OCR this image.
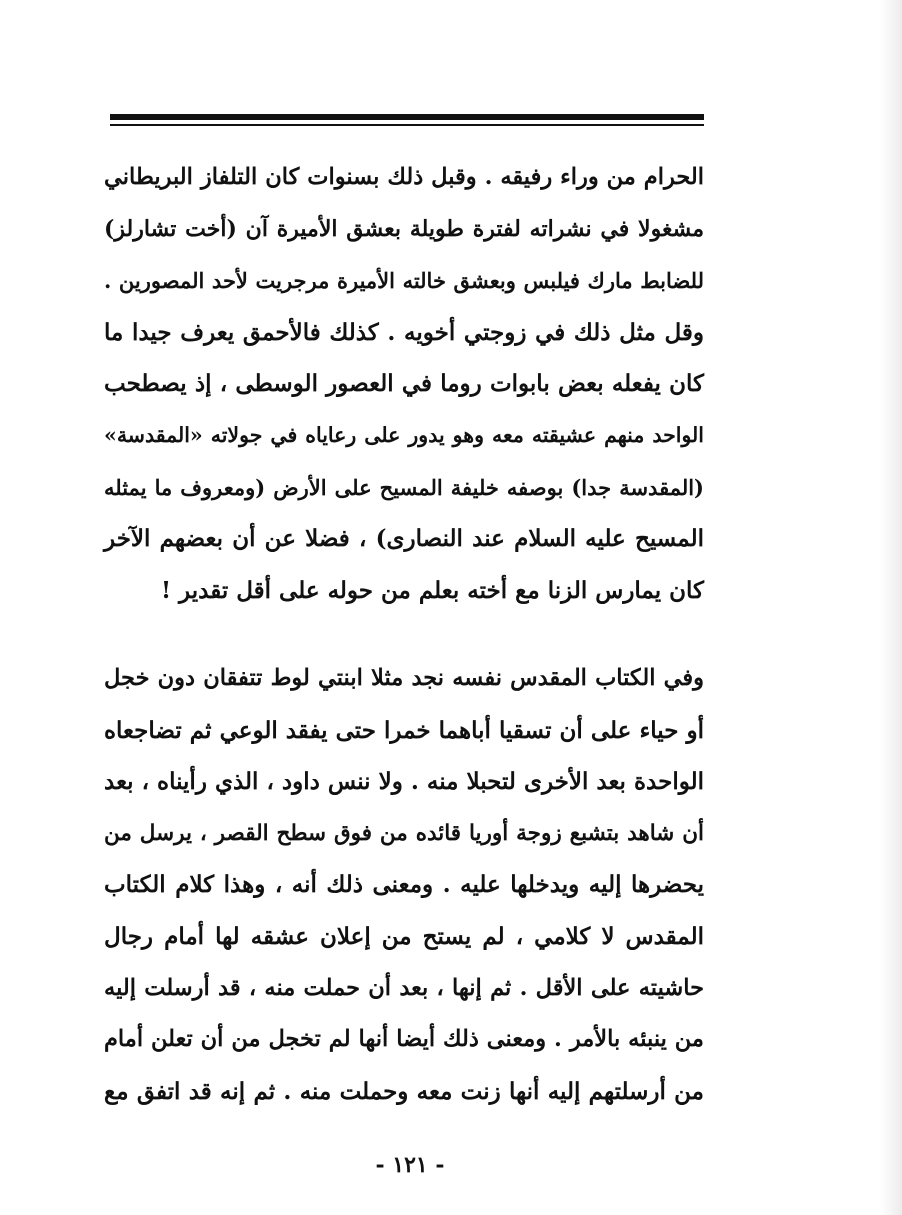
الحرام من وراء رفيقه . وقبل ذلك بسنوات كان التلفاز البريطاني
مشغولا في نشراته لفترة طويلة بعشق الأميرة آن (أخت تشارلز)
للضابط مارك فيلبس وبعشق خالته الأميرة مرجريت لأحد المصورين .
وقل مثل ذلك في زوجتي أخويه . كذلك فالأحمق يعرف جيدا ما
كان يفعله بعض بابوات روما في العصور الوسطى ، إذ يصطحب
الواحد منهم عشيقته معه وهو يدور على رعاياه في جولاته «المقدسة»
(المقدسة جدا) بوصفه خليفة المسيح على الأرض (ومعروف ما يمثله
المسيح عليه السلام عند النصارى) ، فضلا عن أن بعضهم الآخر
كان يمارس الزنا مع أخته بعلم من حوله على أقل تقدير !
وفي الكتاب المقدس نفسه نجد مثلا ابنتي لوط تتفقان دون خجل
أو حياء على أن تسقيا أباهما خمرا حتى يفقد الوعي ثم تضاجعاه
الواحدة بعد الأخرى لتحبلا منه . ولا ننس داود ، الذي رأيناه ، بعد
أن شاهد بتشبع زوجة أوريا قائده من فوق سطح القصر ، يرسل من
يحضرها إليه ويدخلها عليه . ومعنى ذلك أنه ، وهذا كلام الكتاب
المقدس لا كلامي ، لم يستح من إعلان عشقه لها أمام رجال
حاشيته على الأقل . ثم إنها ، بعد أن حملت منه ، قد أرسلت إليه
من ينبئه بالأمر . ومعنى ذلك أيضا أنها لم تخجل من أن تعلن أمام
من أرسلتهم إليه أنها زنت معه وحملت منه . ثم إنه قد اتفق مع
- ١٢١ -
